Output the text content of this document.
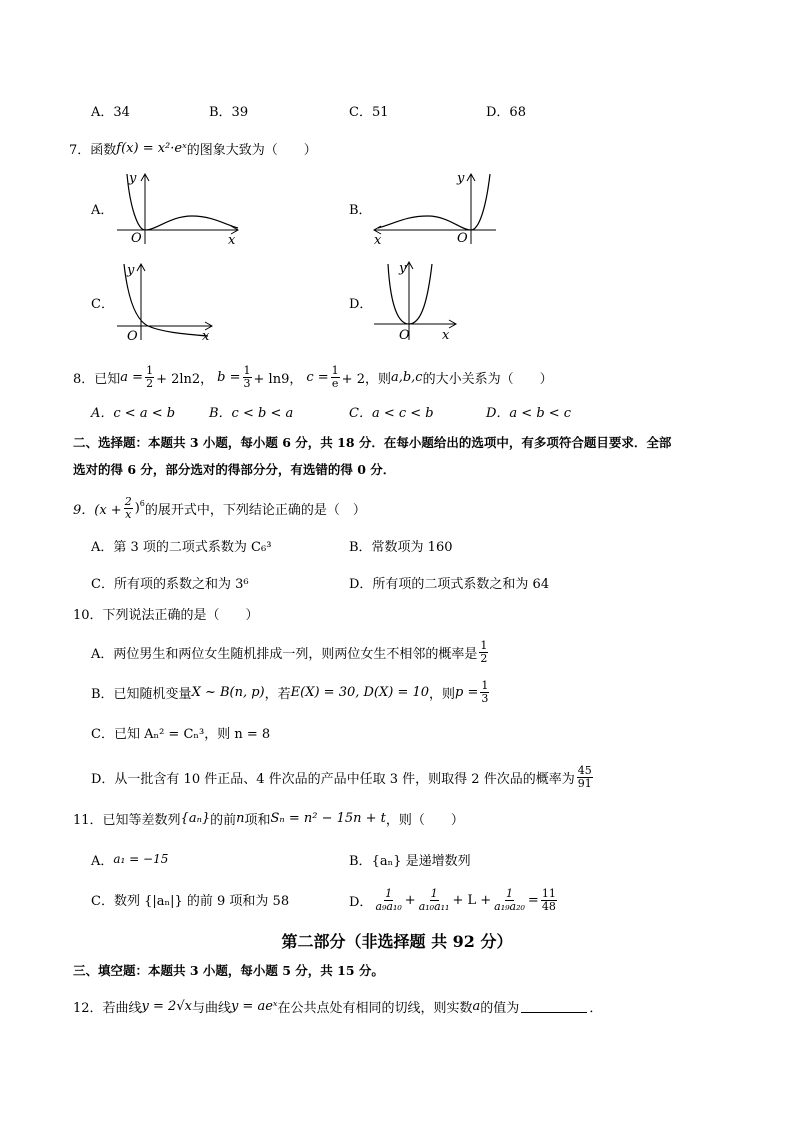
A．34	B．39	C．51	D．68
7．函数 f(x) = x²·eˣ 的图象大致为（　　）
A．	B．
C．	D．
y
O	x
y
O
x
y
O	x
y
O x
8．已知 $a = \frac{1}{2} + 2\ln 2$， $b = \frac{1}{3} + \ln 9$， $c = \frac{1}{e} + 2$，则 a,b,c 的大小关系为（　　）
A．c < a < b	B．c < b < a	C．a < c < b	D．a < b < c
二、选择题：本题共 3 小题，每小题 6 分，共 18 分．在每小题给出的选项中，有多项符合题目要求．全部
选对的得 6 分，部分选对的得部分分，有选错的得 0 分．
9．$(x + \frac{2}{x} )^6$ 的展开式中，下列结论正确的是（　）
A．第 3 项的二项式系数为 C₆³	B．常数项为 160
C．所有项的系数之和为 3⁶	D．所有项的二项式系数之和为 64
10．下列说法正确的是（　　）
A．两位男生和两位女生随机排成一列，则两位女生不相邻的概率是 $\frac{1}{2}$
B．已知随机变量 X ~ B(n, p) ，若 E(X) = 30, D(X) = 10 ，则 $p = \frac{1}{3}$
C．已知 Aₙ² = Cₙ³，则 n = 8
D．从一批含有 10 件正品、4 件次品的产品中任取 3 件，则取得 2 件次品的概率为 $\frac{45}{91}$
11．已知等差数列 {aₙ} 的前 n 项和 Sₙ = n² − 15n + t ，则（　　）
A． a₁ = −15	B． {aₙ} 是递增数列
C．数列 {|aₙ|} 的前 9 项和为 58	D． $\frac{1}{\text{a₉a₁₀}} + \frac{1}{\text{a₁₀a₁₁}} + L + \frac{1}{\text{a₁₉a₂₀}} = \frac{11}{48}$
第二部分（非选择题 共 92 分）
三、填空题：本题共 3 小题，每小题 5 分，共 15 分。
12．若曲线 y = 2√x 与曲线 y = aeˣ 在公共点处有相同的切线，则实数 a 的值为	．
